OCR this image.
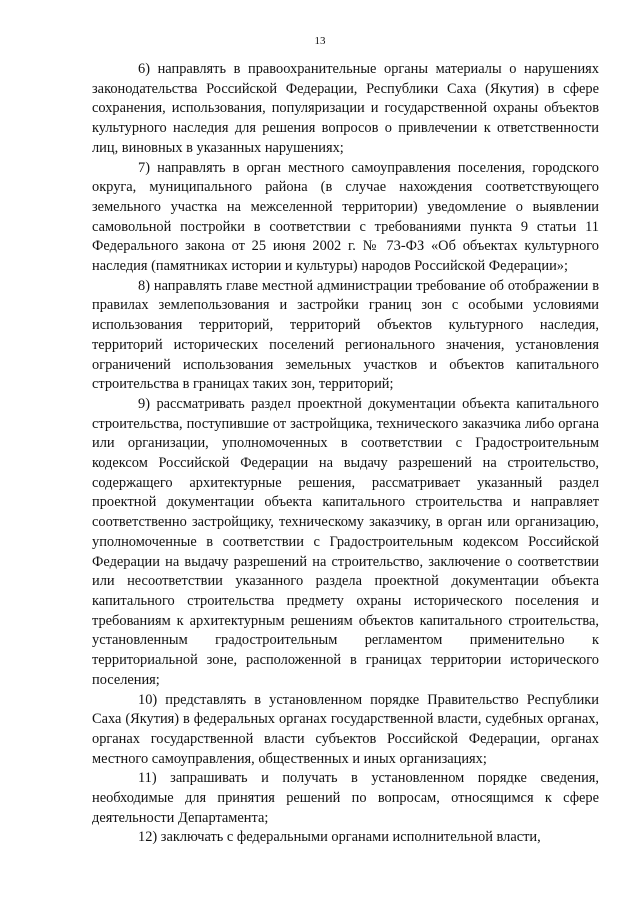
13

6) направлять в правоохранительные органы материалы о нарушениях законодательства Российской Федерации, Республики Саха (Якутия) в сфере сохранения, использования, популяризации и государственной охраны объектов культурного наследия для решения вопросов о привлечении к ответственности лиц, виновных в указанных нарушениях;

7) направлять в орган местного самоуправления поселения, городского округа, муниципального района (в случае нахождения соответствующего земельного участка на межселенной территории) уведомление о выявлении самовольной постройки в соответствии с требованиями пункта 9 статьи 11 Федерального закона от 25 июня 2002 г. № 73-ФЗ «Об объектах культурного наследия (памятниках истории и культуры) народов Российской Федерации»;

8) направлять главе местной администрации требование об отображении в правилах землепользования и застройки границ зон с особыми условиями использования территорий, территорий объектов культурного наследия, территорий исторических поселений регионального значения, установления ограничений использования земельных участков и объектов капитального строительства в границах таких зон, территорий;

9) рассматривать раздел проектной документации объекта капитального строительства, поступившие от застройщика, технического заказчика либо органа или организации, уполномоченных в соответствии с Градостроительным кодексом Российской Федерации на выдачу разрешений на строительство, содержащего архитектурные решения, рассматривает указанный раздел проектной документации объекта капитального строительства и направляет соответственно застройщику, техническому заказчику, в орган или организацию, уполномоченные в соответствии с Градостроительным кодексом Российской Федерации на выдачу разрешений на строительство, заключение о соответствии или несоответствии указанного раздела проектной документации объекта капитального строительства предмету охраны исторического поселения и требованиям к архитектурным решениям объектов капитального строительства, установленным градостроительным регламентом применительно к территориальной зоне, расположенной в границах территории исторического поселения;

10) представлять в установленном порядке Правительство Республики Саха (Якутия) в федеральных органах государственной власти, судебных органах, органах государственной власти субъектов Российской Федерации, органах местного самоуправления, общественных и иных организациях;

11) запрашивать и получать в установленном порядке сведения, необходимые для принятия решений по вопросам, относящимся к сфере деятельности Департамента;

12) заключать с федеральными органами исполнительной власти,
